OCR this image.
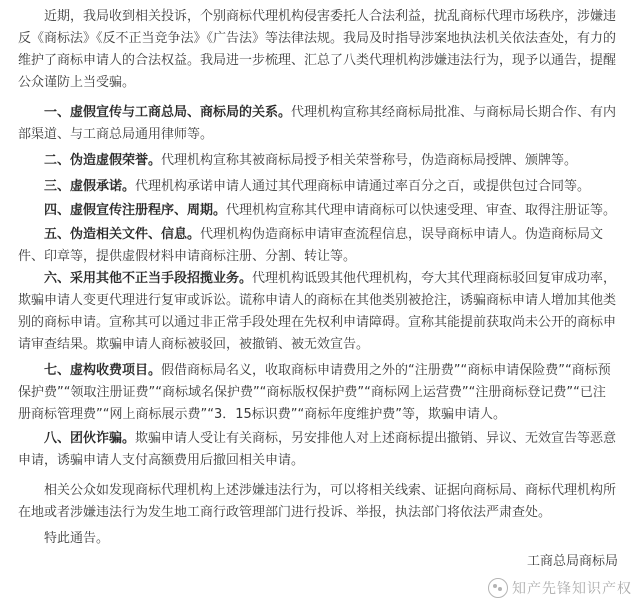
近期，我局收到相关投诉，个别商标代理机构侵害委托人合法利益，扰乱商标代理市场秩序，涉嫌违反《商标法》《反不正当竞争法》《广告法》等法律法规。我局及时指导涉案地执法机关依法查处，有力的维护了商标申请人的合法权益。我局进一步梳理、汇总了八类代理机构涉嫌违法行为，现予以通告，提醒公众谨防上当受骗。

一、虚假宣传与工商总局、商标局的关系。代理机构宣称其经商标局批准、与商标局长期合作、有内部渠道、与工商总局通用律师等。

二、伪造虚假荣誉。代理机构宣称其被商标局授予相关荣誉称号，伪造商标局授牌、颁牌等。

三、虚假承诺。代理机构承诺申请人通过其代理商标申请通过率百分之百，或提供包过合同等。

四、虚假宣传注册程序、周期。代理机构宣称其代理申请商标可以快速受理、审查、取得注册证等。

五、伪造相关文件、信息。代理机构伪造商标申请审查流程信息，误导商标申请人。伪造商标局文件、印章等，提供虚假材料申请商标注册、分割、转让等。

六、采用其他不正当手段招揽业务。代理机构诋毁其他代理机构，夸大其代理商标驳回复审成功率，欺骗申请人变更代理进行复审或诉讼。谎称申请人的商标在其他类别被抢注，诱骗商标申请人增加其他类别的商标申请。宣称其可以通过非正常手段处理在先权利申请障碍。宣称其能提前获取尚未公开的商标申请审查结果。欺骗申请人商标被驳回，被撤销、被无效宣告。

七、虚构收费项目。假借商标局名义，收取商标申请费用之外的“注册费”“商标申请保险费”“商标预保护费”“领取注册证费”“商标域名保护费”“商标版权保护费”“商标网上运营费”“注册商标登记费”“已注册商标管理费”“网上商标展示费”“3．15标识费”“商标年度维护费”等，欺骗申请人。

八、团伙诈骗。欺骗申请人受让有关商标，另安排他人对上述商标提出撤销、异议、无效宣告等恶意申请，诱骗申请人支付高额费用后撤回相关申请。

相关公众如发现商标代理机构上述涉嫌违法行为，可以将相关线索、证据向商标局、商标代理机构所在地或者涉嫌违法行为发生地工商行政管理部门进行投诉、举报，执法部门将依法严肃查处。

特此通告。

工商总局商标局
知产先锋知识产权
